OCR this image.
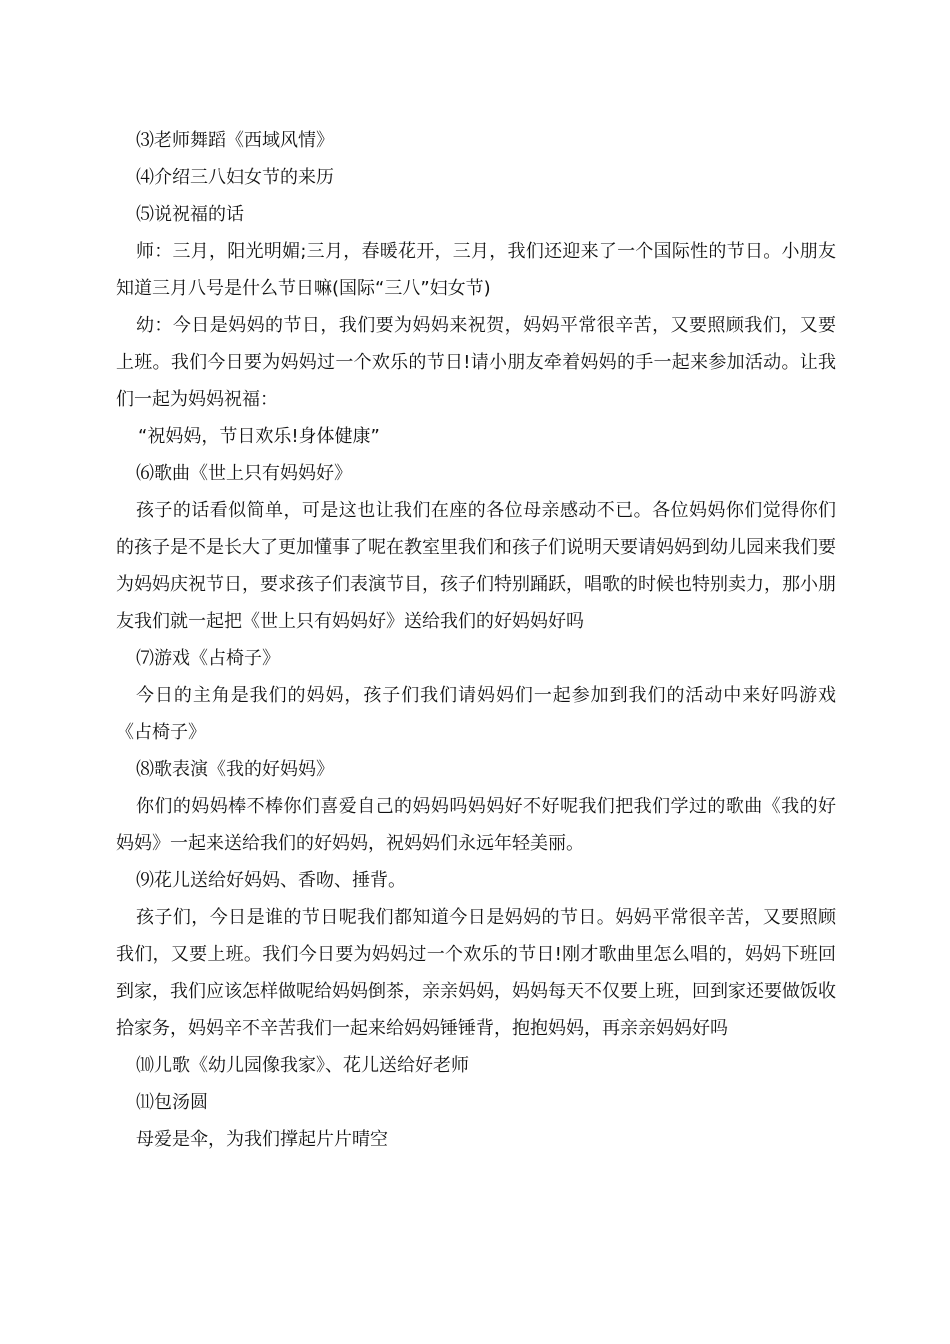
⑶老师舞蹈《西域风情》

⑷介绍三八妇女节的来历

⑸说祝福的话

师：三月，阳光明媚;三月，春暖花开，三月，我们还迎来了一个国际性的节日。小朋友知道三月八号是什么节日嘛(国际“三八”妇女节)

幼：今日是妈妈的节日，我们要为妈妈来祝贺，妈妈平常很辛苦，又要照顾我们，又要上班。我们今日要为妈妈过一个欢乐的节日!请小朋友牵着妈妈的手一起来参加活动。让我们一起为妈妈祝福：

“祝妈妈，节日欢乐!身体健康”

⑹歌曲《世上只有妈妈好》

孩子的话看似简单，可是这也让我们在座的各位母亲感动不已。各位妈妈你们觉得你们的孩子是不是长大了更加懂事了呢在教室里我们和孩子们说明天要请妈妈到幼儿园来我们要为妈妈庆祝节日，要求孩子们表演节目，孩子们特别踊跃，唱歌的时候也特别卖力，那小朋友我们就一起把《世上只有妈妈好》送给我们的好妈妈好吗

⑺游戏《占椅子》

今日的主角是我们的妈妈，孩子们我们请妈妈们一起参加到我们的活动中来好吗游戏《占椅子》

⑻歌表演《我的好妈妈》

你们的妈妈棒不棒你们喜爱自己的妈妈吗妈妈好不好呢我们把我们学过的歌曲《我的好妈妈》一起来送给我们的好妈妈，祝妈妈们永远年轻美丽。

⑼花儿送给好妈妈、香吻、捶背。

孩子们，今日是谁的节日呢我们都知道今日是妈妈的节日。妈妈平常很辛苦，又要照顾我们，又要上班。我们今日要为妈妈过一个欢乐的节日!刚才歌曲里怎么唱的，妈妈下班回到家，我们应该怎样做呢给妈妈倒茶，亲亲妈妈，妈妈每天不仅要上班，回到家还要做饭收拾家务，妈妈辛不辛苦我们一起来给妈妈锤锤背，抱抱妈妈，再亲亲妈妈好吗

⑽儿歌《幼儿园像我家》、花儿送给好老师

⑾包汤圆

母爱是伞，为我们撑起片片晴空
